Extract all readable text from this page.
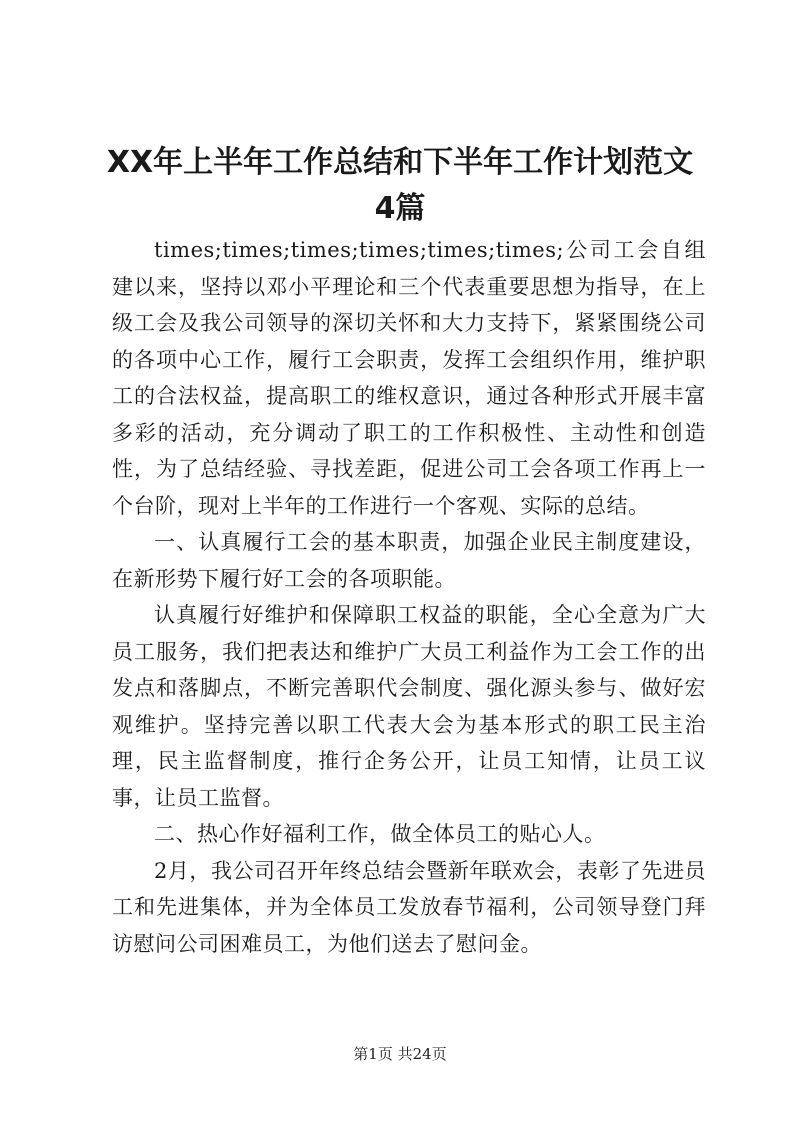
XX年上半年工作总结和下半年工作计划范文
4篇

times;times;times;times;times;times;公司工会自组建以来，坚持以邓小平理论和三个代表重要思想为指导，在上级工会及我公司领导的深切关怀和大力支持下，紧紧围绕公司的各项中心工作，履行工会职责，发挥工会组织作用，维护职工的合法权益，提高职工的维权意识，通过各种形式开展丰富多彩的活动，充分调动了职工的工作积极性、主动性和创造性，为了总结经验、寻找差距，促进公司工会各项工作再上一个台阶，现对上半年的工作进行一个客观、实际的总结。

一、认真履行工会的基本职责，加强企业民主制度建设，在新形势下履行好工会的各项职能。

认真履行好维护和保障职工权益的职能，全心全意为广大员工服务，我们把表达和维护广大员工利益作为工会工作的出发点和落脚点，不断完善职代会制度、强化源头参与、做好宏观维护。坚持完善以职工代表大会为基本形式的职工民主治理，民主监督制度，推行企务公开，让员工知情，让员工议事，让员工监督。

二、热心作好福利工作，做全体员工的贴心人。

2月，我公司召开年终总结会暨新年联欢会，表彰了先进员工和先进集体，并为全体员工发放春节福利，公司领导登门拜访慰问公司困难员工，为他们送去了慰问金。

第1页 共24页
